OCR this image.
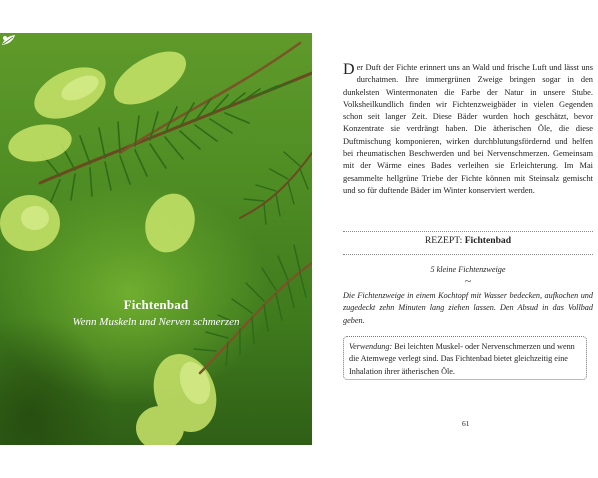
Fichtenbad
Wenn Muskeln und Nerven schmerzen
Der Duft der Fichte erinnert uns an Wald und frische Luft und lässt uns durchatmen. Ihre immergrünen Zweige bringen sogar in den dunkelsten Wintermonaten die Farbe der Natur in unsere Stube. Volksheilkundlich finden wir Fichtenzweigbäder in vielen Gegenden schon seit langer Zeit. Diese Bäder wurden hoch geschätzt, bevor Konzentrate sie verdrängt haben. Die ätherischen Öle, die diese Duftmischung komponieren, wirken durchblutungsfördernd und helfen bei rheumatischen Beschwerden und bei Nervenschmerzen. Gemeinsam mit der Wärme eines Bades verleihen sie Erleichterung. Im Mai gesammelte hellgrüne Triebe der Fichte können mit Steinsalz gemischt und so für duftende Bäder im Winter konserviert werden.
REZEPT: Fichtenbad
5 kleine Fichtenzweige
~
Die Fichtenzweige in einem Kochtopf mit Wasser bedecken, aufkochen und zugedeckt zehn Minuten lang ziehen lassen. Den Absud in das Vollbad geben.
Verwendung: Bei leichten Muskel- oder Nervenschmerzen und wenn die Atemwege verlegt sind. Das Fichtenbad bietet gleichzeitig eine Inhalation ihrer ätherischen Öle.
61
